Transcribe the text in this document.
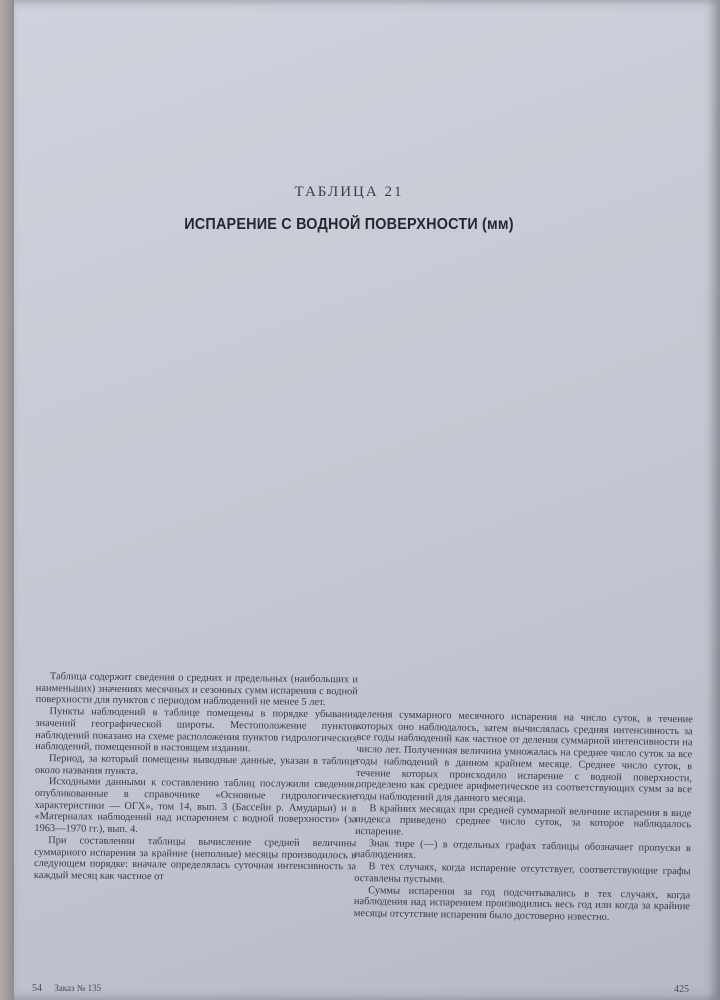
ТАБЛИЦА 21
ИСПАРЕНИЕ С ВОДНОЙ ПОВЕРХНОСТИ (мм)

Таблица содержит сведения о средних и предельных (наибольших и наименьших) значениях месячных и сезонных сумм испарения с водной поверхности для пунктов с периодом наблюдений не менее 5 лет.

Пункты наблюдений в таблице помещены в порядке убывания значений географической широты. Местоположение пунктов наблюдений показано на схеме расположения пунктов гидрологических наблюдений, помещенной в настоящем издании.

Период, за который помещены выводные данные, указан в таблице около названия пункта.

Исходными данными к составлению таблиц послужили сведения, опубликованные в справочнике «Основные гидрологические характеристики — ОГХ», том 14, вып. 3 (Бассейн р. Амударьи) и в «Материалах наблюдений над испарением с водной поверхности» (за 1963—1970 гг.), вып. 4.

При составлении таблицы вычисление средней величины суммарного испарения за крайние (неполные) месяцы производилось в следующем порядке: вначале определялась суточная интенсивность за каждый месяц как частное от

деления суммарного месячного испарения на число суток, в течение которых оно наблюдалось, затем вычислялась средняя интенсивность за все годы наблюдений как частное от деления суммарной интенсивности на число лет. Полученная величина умножалась на среднее число суток за все годы наблюдений в данном крайнем месяце. Среднее число суток, в течение которых происходило испарение с водной поверхности, определено как среднее арифметическое из соответствующих сумм за все годы наблюдений для данного месяца.

В крайних месяцах при средней суммарной величине испарения в виде индекса приведено среднее число суток, за которое наблюдалось испарение.

Знак тире (—) в отдельных графах таблицы обозначает пропуски в наблюдениях.

В тех случаях, когда испарение отсутствует, соответствующие графы оставлены пустыми.

Суммы испарения за год подсчитывались в тех случаях, когда наблюдения над испарением производились весь год или когда за крайние месяцы отсутствие испарения было достоверно известно.

54 Заказ № 135	425
